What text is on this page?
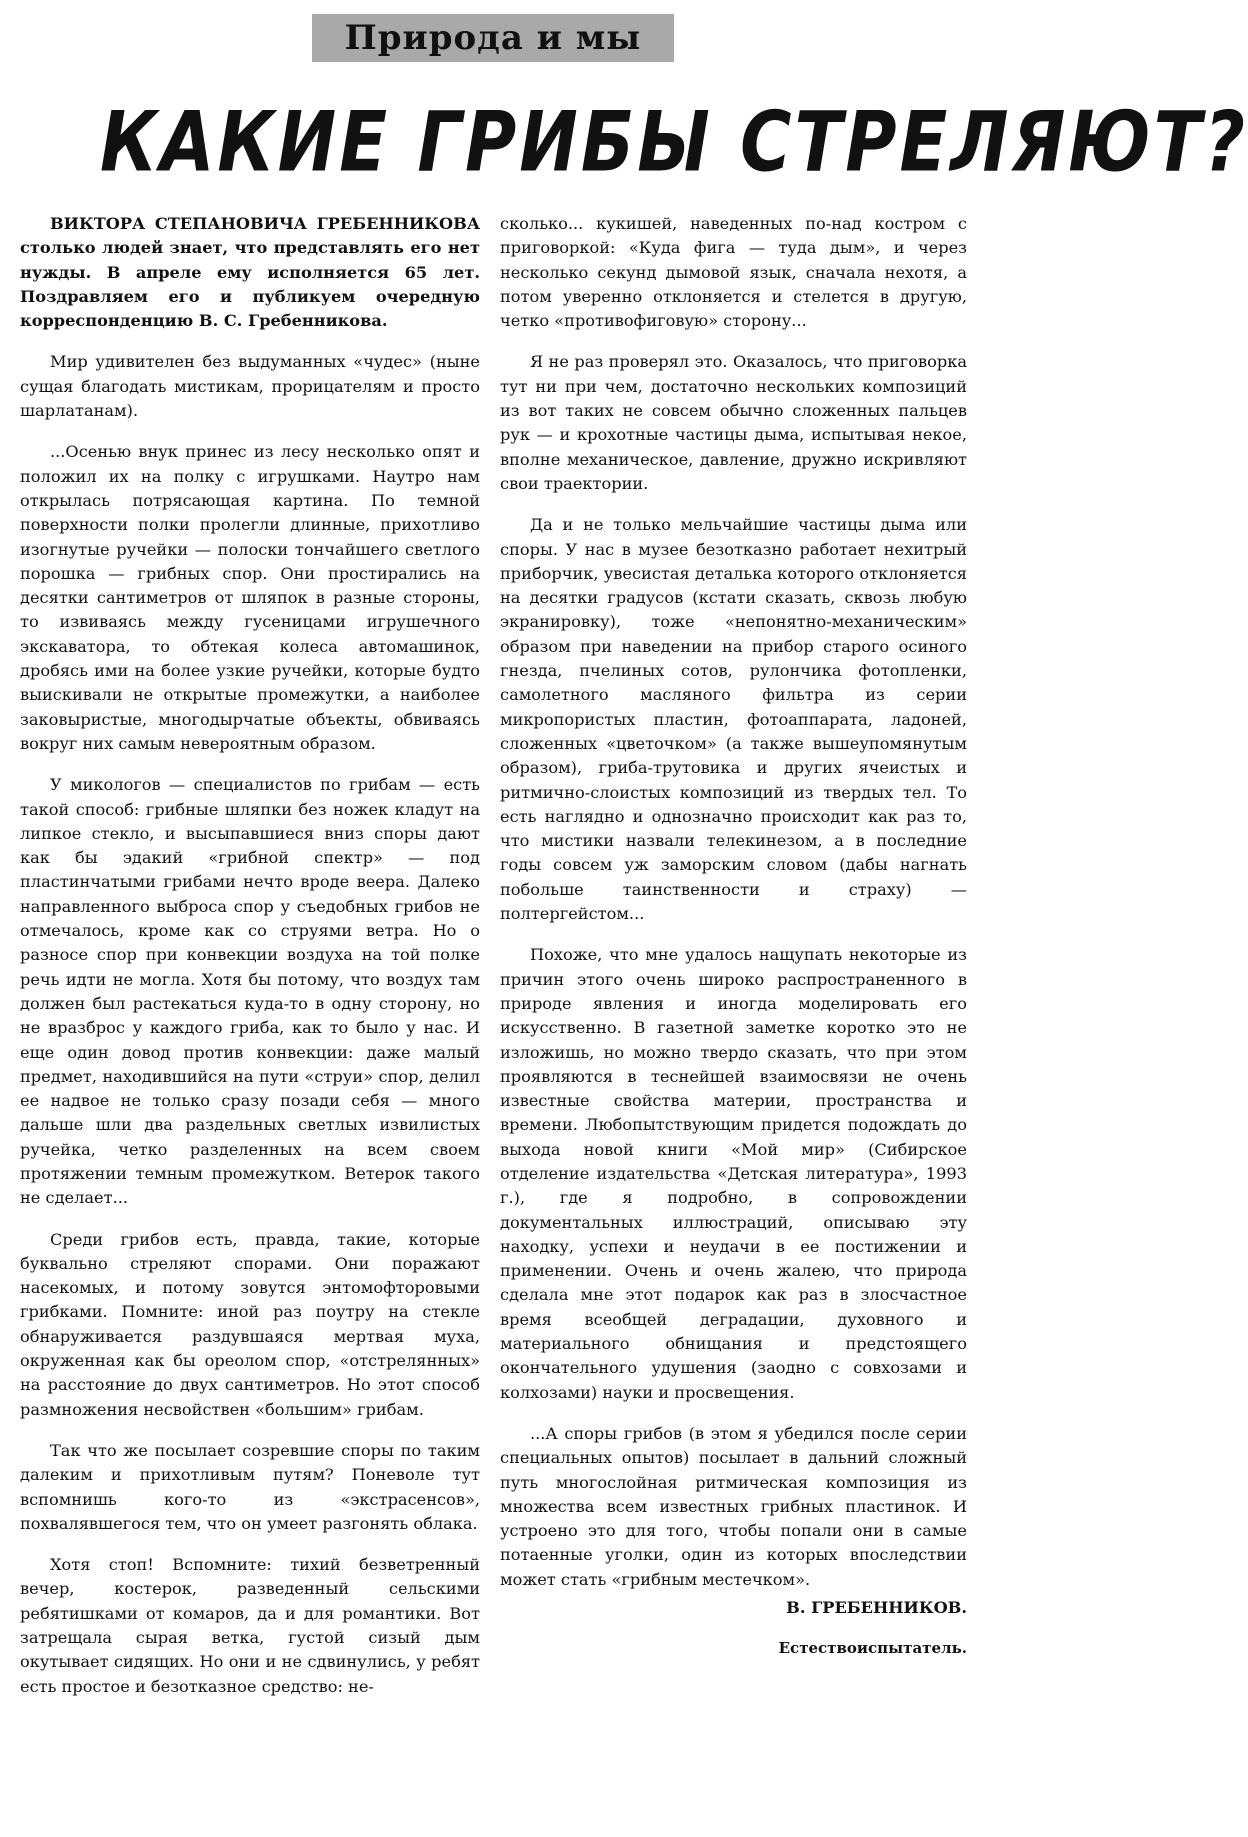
Природа и мы
КАКИЕ ГРИБЫ СТРЕЛЯЮТ?

ВИКТОРА СТЕПАНОВИЧА ГРЕБЕННИКОВА столько людей знает, что представлять его нет нужды. В апреле ему исполняется 65 лет. Поздравляем его и публикуем очередную корреспонденцию В. С. Гребенникова.

Мир удивителен без выдуманных «чудес» (ныне сущая благодать мистикам, прорицателям и просто шарлатанам).

...Осенью внук принес из лесу несколько опят и положил их на полку с игрушками. Наутро нам открылась потрясающая картина. По темной поверхности полки пролегли длинные, прихотливо изогнутые ручейки — полоски тончайшего светлого порошка — грибных спор. Они простирались на десятки сантиметров от шляпок в разные стороны, то извиваясь между гусеницами игрушечного экскаватора, то обтекая колеса автомашинок, дробясь ими на более узкие ручейки, которые будто выискивали не открытые промежутки, а наиболее заковыристые, многодырчатые объекты, обвиваясь вокруг них самым невероятным образом.

У микологов — специалистов по грибам — есть такой способ: грибные шляпки без ножек кладут на липкое стекло, и высыпавшиеся вниз споры дают как бы эдакий «грибной спектр» — под пластинчатыми грибами нечто вроде веера. Далеко направленного выброса спор у съедобных грибов не отмечалось, кроме как со струями ветра. Но о разносе спор при конвекции воздуха на той полке речь идти не могла. Хотя бы потому, что воздух там должен был растекаться куда-то в одну сторону, но не вразброс у каждого гриба, как то было у нас. И еще один довод против конвекции: даже малый предмет, находившийся на пути «струи» спор, делил ее надвое не только сразу позади себя — много дальше шли два раздельных светлых извилистых ручейка, четко разделенных на всем своем протяжении темным промежутком. Ветерок такого не сделает...

Среди грибов есть, правда, такие, которые буквально стреляют спорами. Они поражают насекомых, и потому зовутся энтомофторовыми грибками. Помните: иной раз поутру на стекле обнаруживается раздувшаяся мертвая муха, окруженная как бы ореолом спор, «отстрелянных» на расстояние до двух сантиметров. Но этот способ размножения несвойствен «большим» грибам.

Так что же посылает созревшие споры по таким далеким и прихотливым путям? Поневоле тут вспомнишь кого-то из «экстрасенсов», похвалявшегося тем, что он умеет разгонять облака.

Хотя стоп! Вспомните: тихий безветренный вечер, костерок, разведенный сельскими ребятишками от комаров, да и для романтики. Вот затрещала сырая ветка, густой сизый дым окутывает сидящих. Но они и не сдвинулись, у ребят есть простое и безотказное средство: не-

сколько... кукишей, наведенных по-над костром с приговоркой: «Куда фига — туда дым», и через несколько секунд дымовой язык, сначала нехотя, а потом уверенно отклоняется и стелется в другую, четко «противофиговую» сторону...

Я не раз проверял это. Оказалось, что приговорка тут ни при чем, достаточно нескольких композиций из вот таких не совсем обычно сложенных пальцев рук — и крохотные частицы дыма, испытывая некое, вполне механическое, давление, дружно искривляют свои траектории.

Да и не только мельчайшие частицы дыма или споры. У нас в музее безотказно работает нехитрый приборчик, увесистая деталька которого отклоняется на десятки градусов (кстати сказать, сквозь любую экранировку), тоже «непонятно-механическим» образом при наведении на прибор старого осиного гнезда, пчелиных сотов, рулончика фотопленки, самолетного масляного фильтра из серии микропористых пластин, фотоаппарата, ладоней, сложенных «цветочком» (а также вышеупомянутым образом), гриба-трутовика и других ячеистых и ритмично-слоистых композиций из твердых тел. То есть наглядно и однозначно происходит как раз то, что мистики назвали телекинезом, а в последние годы совсем уж заморским словом (дабы нагнать побольше таинственности и страху) — полтергейстом...

Похоже, что мне удалось нащупать некоторые из причин этого очень широко распространенного в природе явления и иногда моделировать его искусственно. В газетной заметке коротко это не изложишь, но можно твердо сказать, что при этом проявляются в теснейшей взаимосвязи не очень известные свойства материи, пространства и времени. Любопытствующим придется подождать до выхода новой книги «Мой мир» (Сибирское отделение издательства «Детская литература», 1993 г.), где я подробно, в сопровождении документальных иллюстраций, описываю эту находку, успехи и неудачи в ее постижении и применении. Очень и очень жалею, что природа сделала мне этот подарок как раз в злосчастное время всеобщей деградации, духовного и материального обнищания и предстоящего окончательного удушения (заодно с совхозами и колхозами) науки и просвещения.

...А споры грибов (в этом я убедился после серии специальных опытов) посылает в дальний сложный путь многослойная ритмическая композиция из множества всем известных грибных пластинок. И устроено это для того, чтобы попали они в самые потаенные уголки, один из которых впоследствии может стать «грибным местечком».

В. ГРЕБЕННИКОВ.

Естествоиспытатель.
